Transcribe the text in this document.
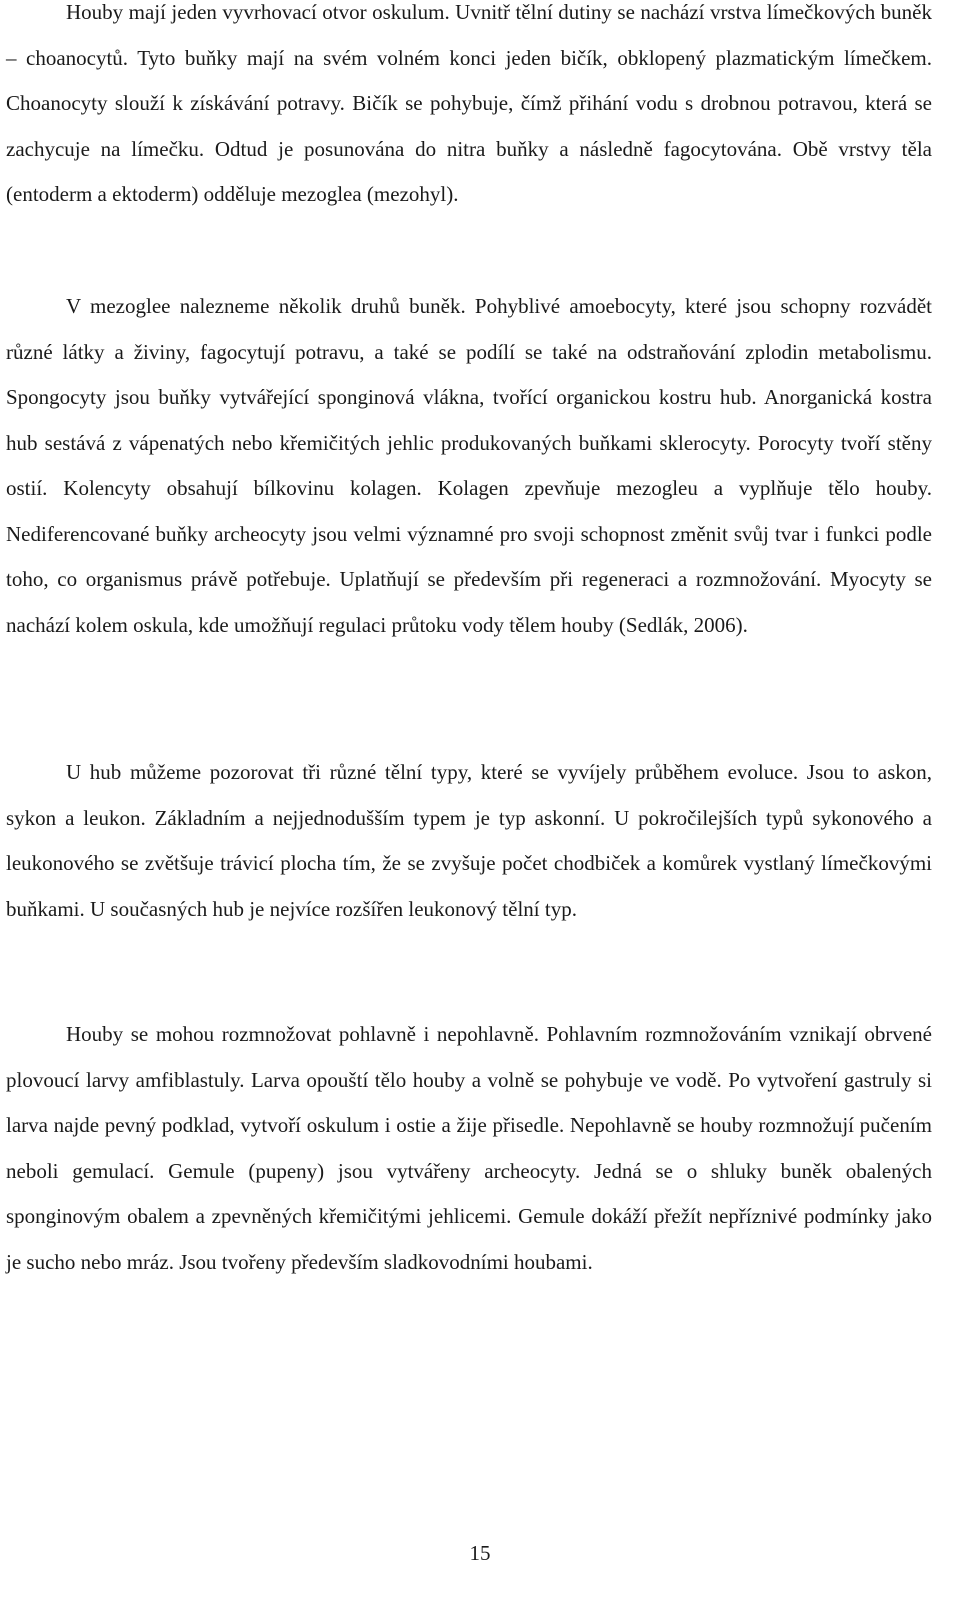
Houby mají jeden vyvrhovací otvor oskulum. Uvnitř tělní dutiny se nachází vrstva límečkových buněk – choanocytů. Tyto buňky mají na svém volném konci jeden bičík, obklopený plazmatickým límečkem. Choanocyty slouží k získávání potravy. Bičík se pohybuje, čímž přihání vodu s drobnou potravou, která se zachycuje na límečku. Odtud je posunována do nitra buňky a následně fagocytována. Obě vrstvy těla (entoderm a ektoderm) odděluje mezoglea (mezohyl).

V mezoglee nalezneme několik druhů buněk. Pohyblivé amoebocyty, které jsou schopny rozvádět různé látky a živiny, fagocytují potravu, a také se podílí se také na odstraňování zplodin metabolismu. Spongocyty jsou buňky vytvářející sponginová vlákna, tvořící organickou kostru hub. Anorganická kostra hub sestává z vápenatých nebo křemičitých jehlic produkovaných buňkami sklerocyty. Porocyty tvoří stěny ostií. Kolencyty obsahují bílkovinu kolagen. Kolagen zpevňuje mezogleu a vyplňuje tělo houby. Nediferencované buňky archeocyty jsou velmi významné pro svoji schopnost změnit svůj tvar i funkci podle toho, co organismus právě potřebuje. Uplatňují se především při regeneraci a rozmnožování. Myocyty se nachází kolem oskula, kde umožňují regulaci průtoku vody tělem houby (Sedlák, 2006).

U hub můžeme pozorovat tři různé tělní typy, které se vyvíjely průběhem evoluce. Jsou to askon, sykon a leukon. Základním a nejjednodušším typem je typ askonní. U pokročilejších typů sykonového a leukonového se zvětšuje trávicí plocha tím, že se zvyšuje počet chodbiček a komůrek vystlaný límečkovými buňkami. U současných hub je nejvíce rozšířen leukonový tělní typ.

Houby se mohou rozmnožovat pohlavně i nepohlavně. Pohlavním rozmnožováním vznikají obrvené plovoucí larvy amfiblastuly. Larva opouští tělo houby a volně se pohybuje ve vodě. Po vytvoření gastruly si larva najde pevný podklad, vytvoří oskulum i ostie a žije přisedle. Nepohlavně se houby rozmnožují pučením neboli gemulací. Gemule (pupeny) jsou vytvářeny archeocyty. Jedná se o shluky buněk obalených sponginovým obalem a zpevněných křemičitými jehlicemi. Gemule dokáží přežít nepříznivé podmínky jako je sucho nebo mráz. Jsou tvořeny především sladkovodními houbami.

15
